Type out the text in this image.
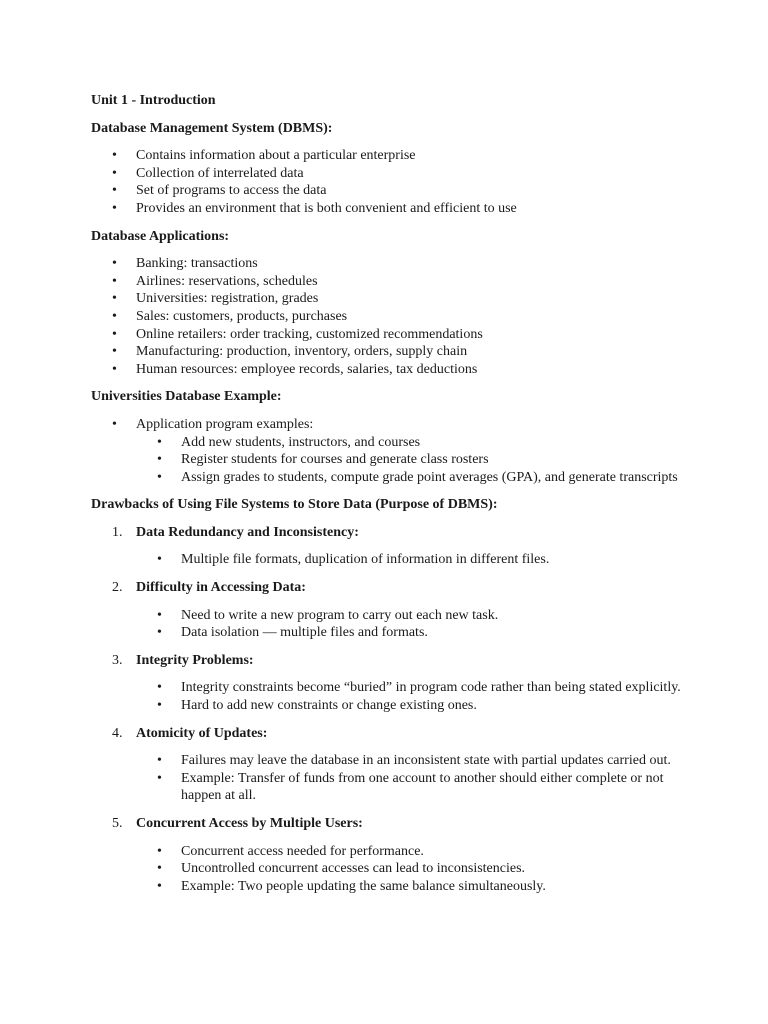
Unit 1 - Introduction

Database Management System (DBMS):

• Contains information about a particular enterprise
• Collection of interrelated data
• Set of programs to access the data
• Provides an environment that is both convenient and efficient to use

Database Applications:

• Banking: transactions
• Airlines: reservations, schedules
• Universities: registration, grades
• Sales: customers, products, purchases
• Online retailers: order tracking, customized recommendations
• Manufacturing: production, inventory, orders, supply chain
• Human resources: employee records, salaries, tax deductions

Universities Database Example:

• Application program examples:
• Add new students, instructors, and courses
• Register students for courses and generate class rosters
• Assign grades to students, compute grade point averages (GPA), and generate transcripts

Drawbacks of Using File Systems to Store Data (Purpose of DBMS):

1. Data Redundancy and Inconsistency:
• Multiple file formats, duplication of information in different files.
2. Difficulty in Accessing Data:
• Need to write a new program to carry out each new task.
• Data isolation — multiple files and formats.
3. Integrity Problems:
• Integrity constraints become “buried” in program code rather than being stated explicitly.
• Hard to add new constraints or change existing ones.
4. Atomicity of Updates:
• Failures may leave the database in an inconsistent state with partial updates carried out.
• Example: Transfer of funds from one account to another should either complete or not happen at all.
5. Concurrent Access by Multiple Users:
• Concurrent access needed for performance.
• Uncontrolled concurrent accesses can lead to inconsistencies.
• Example: Two people updating the same balance simultaneously.
